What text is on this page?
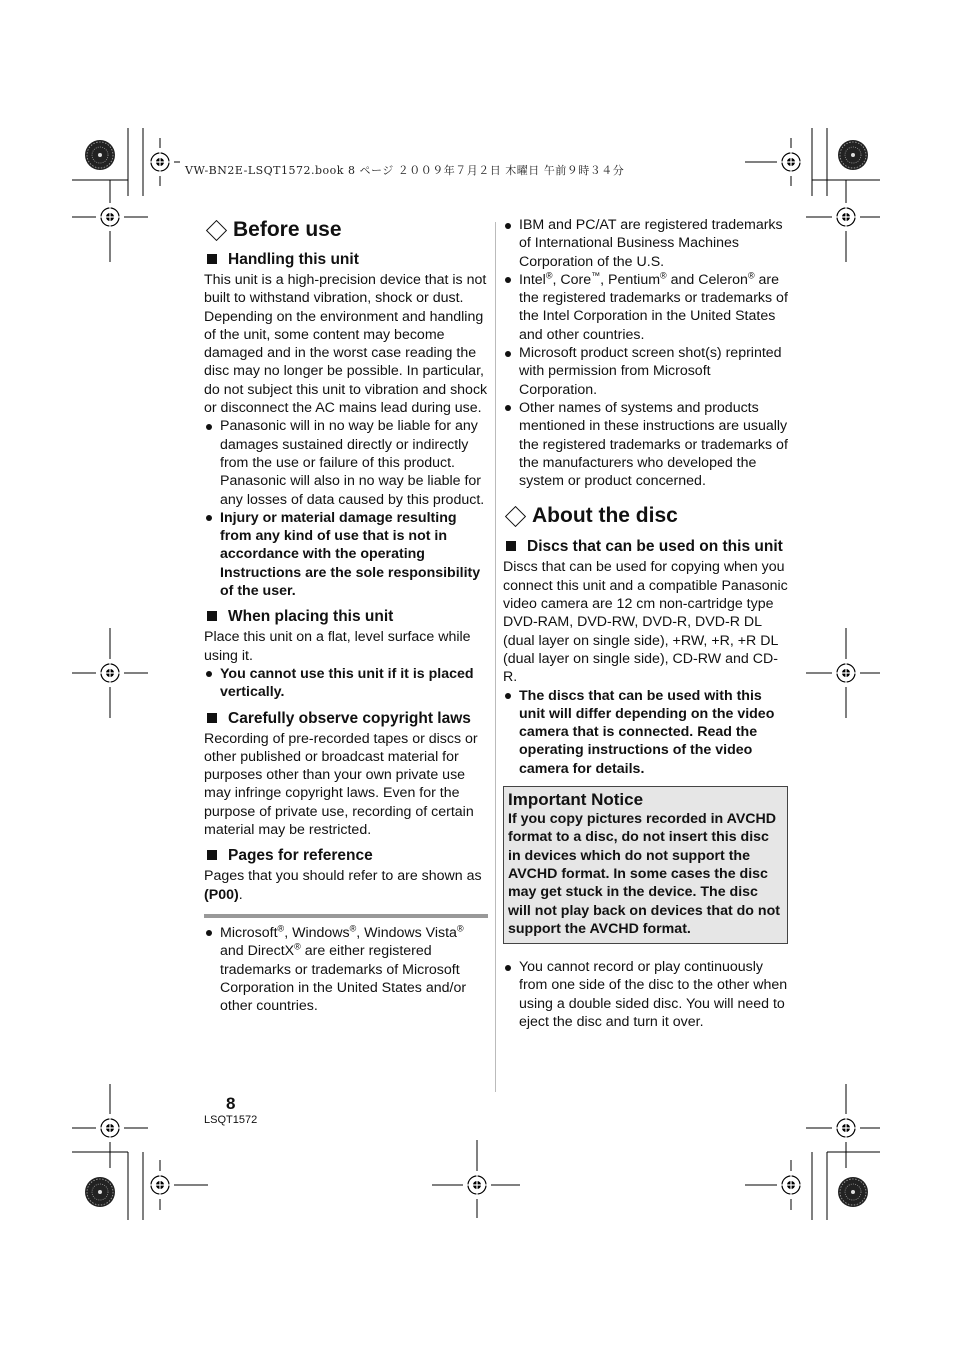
VW-BN2E-LSQT1572.book 8 ページ ２００９年７月２日 木曜日 午前９時３４分
Before use
Handling this unit

This unit is a high-precision device that is not built to withstand vibration, shock or dust. Depending on the environment and handling of the unit, some content may become damaged and in the worst case reading the disc may no longer be possible. In particular, do not subject this unit to vibration and shock or disconnect the AC mains lead during use.

Panasonic will in no way be liable for any damages sustained directly or indirectly from the use or failure of this product. Panasonic will also in no way be liable for any losses of data caused by this product.
Injury or material damage resulting from any kind of use that is not in accordance with the operating Instructions are the sole responsibility of the user.
When placing this unit

Place this unit on a flat, level surface while using it.

You cannot use this unit if it is placed vertically.
Carefully observe copyright laws

Recording of pre-recorded tapes or discs or other published or broadcast material for purposes other than your own private use may infringe copyright laws. Even for the purpose of private use, recording of certain material may be restricted.

Pages for reference

Pages that you should refer to are shown as (P00).

Microsoft®, Windows®, Windows Vista® and DirectX® are either registered trademarks or trademarks of Microsoft Corporation in the United States and/or other countries.
IBM and PC/AT are registered trademarks of International Business Machines Corporation of the U.S.
Intel®, Core™, Pentium® and Celeron® are the registered trademarks or trademarks of the Intel Corporation in the United States and other countries.
Microsoft product screen shot(s) reprinted with permission from Microsoft Corporation.
Other names of systems and products mentioned in these instructions are usually the registered trademarks or trademarks of the manufacturers who developed the system or product concerned.
About the disc
Discs that can be used on this unit

Discs that can be used for copying when you connect this unit and a compatible Panasonic video camera are 12 cm non-cartridge type DVD-RAM, DVD-RW, DVD-R, DVD-R DL (dual layer on single side), +RW, +R, +R DL (dual layer on single side), CD-RW and CD-R.

The discs that can be used with this unit will differ depending on the video camera that is connected. Read the operating instructions of the video camera for details.
Important Notice

If you copy pictures recorded in AVCHD format to a disc, do not insert this disc in devices which do not support the AVCHD format. In some cases the disc may get stuck in the device. The disc will not play back on devices that do not support the AVCHD format.

You cannot record or play continuously from one side of the disc to the other when using a double sided disc. You will need to eject the disc and turn it over.
8
LSQT1572
